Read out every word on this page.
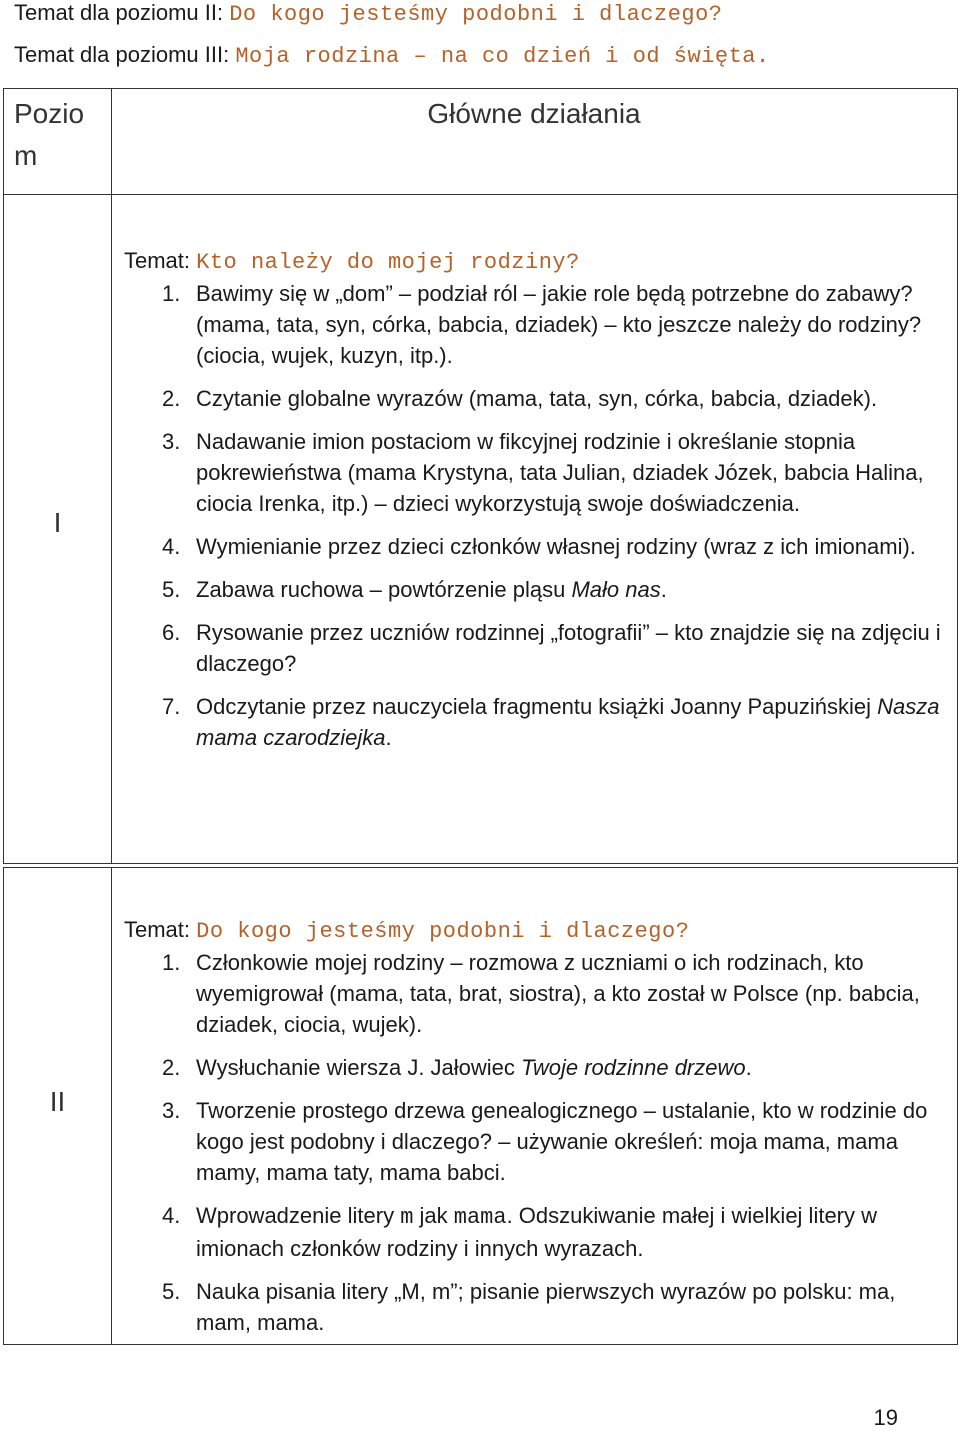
Temat dla poziomu II: Do kogo jesteśmy podobni i dlaczego?
Temat dla poziomu III: Moja rodzina – na co dzień i od święta.
Poziom
Główne działania
I
Temat: Kto należy do mojej rodziny?
1. Bawimy się w „dom” – podział ról – jakie role będą potrzebne do zabawy? (mama, tata, syn, córka, babcia, dziadek) – kto jeszcze należy do rodziny? (ciocia, wujek, kuzyn, itp.).
2. Czytanie globalne wyrazów (mama, tata, syn, córka, babcia, dziadek).
3. Nadawanie imion postaciom w fikcyjnej rodzinie i określanie stopnia pokrewieństwa (mama Krystyna, tata Julian, dziadek Józek, babcia Halina, ciocia Irenka, itp.) – dzieci wykorzystują swoje doświadczenia.
4. Wymienianie przez dzieci członków własnej rodziny (wraz z ich imionami).
5. Zabawa ruchowa – powtórzenie pląsu Mało nas.
6. Rysowanie przez uczniów rodzinnej „fotografii” – kto znajdzie się na zdjęciu i dlaczego?
7. Odczytanie przez nauczyciela fragmentu książki Joanny Papuzińskiej Nasza mama czarodziejka.
II
Temat: Do kogo jesteśmy podobni i dlaczego?
1. Członkowie mojej rodziny – rozmowa z uczniami o ich rodzinach, kto wyemigrował (mama, tata, brat, siostra), a kto został w Polsce (np. babcia, dziadek, ciocia, wujek).
2. Wysłuchanie wiersza J. Jałowiec Twoje rodzinne drzewo.
3. Tworzenie prostego drzewa genealogicznego – ustalanie, kto w rodzinie do kogo jest podobny i dlaczego? – używanie określeń: moja mama, mama mamy, mama taty, mama babci.
4. Wprowadzenie litery m jak mama. Odszukiwanie małej i wielkiej litery w imionach członków rodziny i innych wyrazach.
5. Nauka pisania litery „M, m”; pisanie pierwszych wyrazów po polsku: ma, mam, mama.
19
